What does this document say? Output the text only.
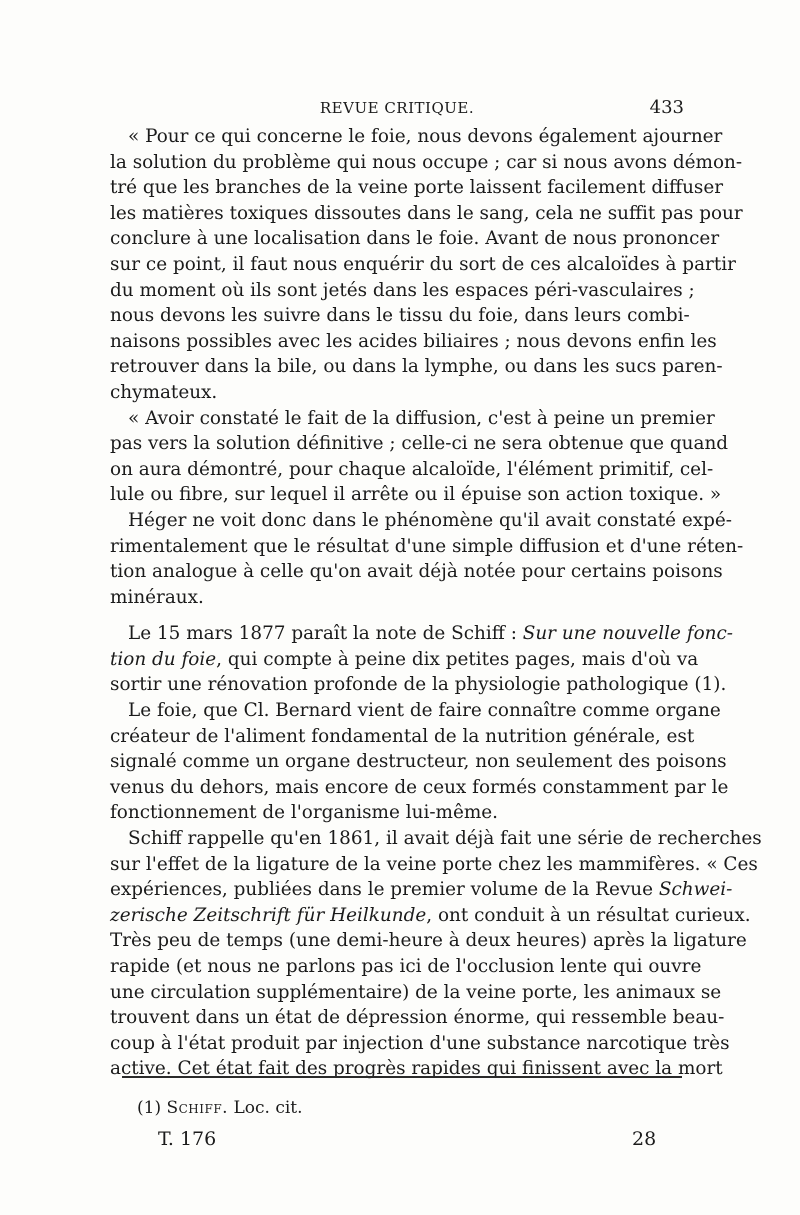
REVUE CRITIQUE.	433
« Pour ce qui concerne le foie, nous devons également ajourner
la solution du problème qui nous occupe ; car si nous avons démon-
tré que les branches de la veine porte laissent facilement diffuser
les matières toxiques dissoutes dans le sang, cela ne suffit pas pour
conclure à une localisation dans le foie. Avant de nous prononcer
sur ce point, il faut nous enquérir du sort de ces alcaloïdes à partir
du moment où ils sont jetés dans les espaces péri-vasculaires ;
nous devons les suivre dans le tissu du foie, dans leurs combi-
naisons possibles avec les acides biliaires ; nous devons enfin les
retrouver dans la bile, ou dans la lymphe, ou dans les sucs paren-
chymateux.
« Avoir constaté le fait de la diffusion, c'est à peine un premier
pas vers la solution définitive ; celle-ci ne sera obtenue que quand
on aura démontré, pour chaque alcaloïde, l'élément primitif, cel-
lule ou fibre, sur lequel il arrête ou il épuise son action toxique. »
Héger ne voit donc dans le phénomène qu'il avait constaté expé-
rimentalement que le résultat d'une simple diffusion et d'une réten-
tion analogue à celle qu'on avait déjà notée pour certains poisons
minéraux.
Le 15 mars 1877 paraît la note de Schiff : Sur une nouvelle fonc-
tion du foie, qui compte à peine dix petites pages, mais d'où va
sortir une rénovation profonde de la physiologie pathologique (1).
Le foie, que Cl. Bernard vient de faire connaître comme organe
créateur de l'aliment fondamental de la nutrition générale, est
signalé comme un organe destructeur, non seulement des poisons
venus du dehors, mais encore de ceux formés constamment par le
fonctionnement de l'organisme lui-même.
Schiff rappelle qu'en 1861, il avait déjà fait une série de recherches
sur l'effet de la ligature de la veine porte chez les mammifères. « Ces
expériences, publiées dans le premier volume de la Revue Schwei-
zerische Zeitschrift für Heilkunde, ont conduit à un résultat curieux.
Très peu de temps (une demi-heure à deux heures) après la ligature
rapide (et nous ne parlons pas ici de l'occlusion lente qui ouvre
une circulation supplémentaire) de la veine porte, les animaux se
trouvent dans un état de dépression énorme, qui ressemble beau-
coup à l'état produit par injection d'une substance narcotique très
active. Cet état fait des progrès rapides qui finissent avec la mort
(1) Schiff. Loc. cit.
T. 176	28
